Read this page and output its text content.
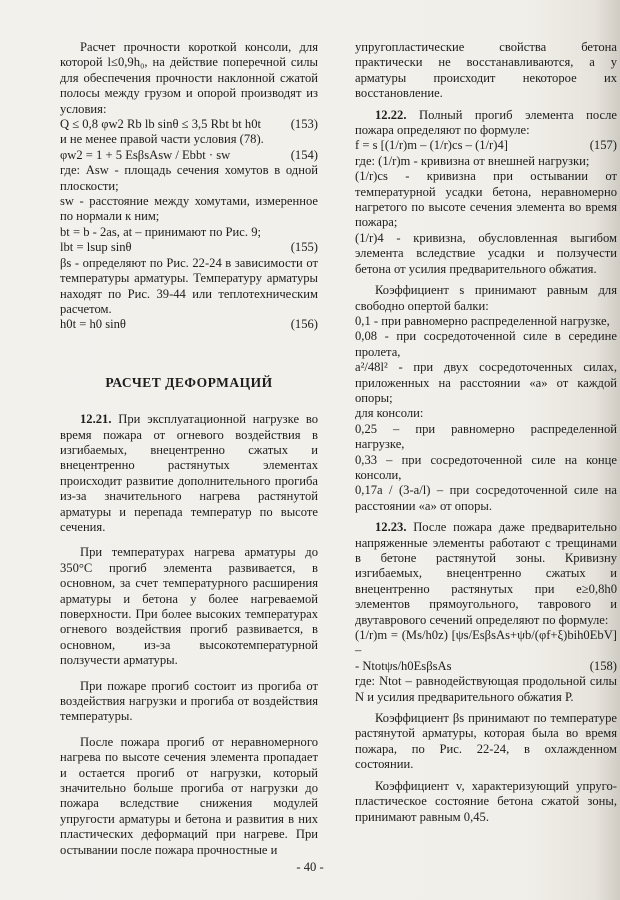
Расчет прочности короткой консоли, для которой l≤0,9h₀, на действие поперечной силы для обеспечения прочности наклонной сжатой полосы между грузом и опорой производят из условия:

Q ≤ 0,8 φw2 Rb lb sinθ ≤ 3,5 Rbt bt h0t (153)

и не менее правой части условия (78).

φw2 = 1 + 5 EsβsAsw / Ebbt · sw	(154)

где: Asw - площадь сечения хомутов в одной плоскости;

sw - расстояние между хомутами, измеренное по нормали к ним;

bt = b - 2as, at – принимают по Рис. 9;

lbt = lsup sinθ	(155)

βs - определяют по Рис. 22-24 в зависимости от температуры арматуры. Температуру арматуры находят по Рис. 39-44 или теплотехническим расчетом.

h0t = h0 sinθ	(156)

РАСЧЕТ ДЕФОРМАЦИЙ

12.21. При эксплуатационной нагрузке во время пожара от огневого воздействия в изгибаемых, внецентренно сжатых и внецентренно растянутых элементах происходит развитие дополнительного прогиба из-за значительного нагрева растянутой арматуры и перепада температур по высоте сечения.

При температурах нагрева арматуры до 350°С прогиб элемента развивается, в основном, за счет температурного расширения арматуры и бетона у более нагреваемой поверхности. При более высоких температурах огневого воздействия прогиб развивается, в основном, из-за высокотемпературной ползучести арматуры.

При пожаре прогиб состоит из прогиба от воздействия нагрузки и прогиба от воздействия температуры.

После пожара прогиб от неравномерного нагрева по высоте сечения элемента пропадает и остается прогиб от нагрузки, который значительно больше прогиба от нагрузки до пожара вследствие снижения модулей упругости арматуры и бетона и развития в них пластических деформаций при нагреве. При остывании после пожара прочностные и

упругопластические свойства бетона практически не восстанавливаются, а у арматуры происходит некоторое их восстановление.

12.22. Полный прогиб элемента после пожара определяют по формуле:

f = s [(1/r)m – (1/r)cs – (1/r)4]	(157)

где: (1/r)m - кривизна от внешней нагрузки;

(1/r)cs - кривизна при остывании от температурной усадки бетона, неравномерно нагретого по высоте сечения элемента во время пожара;

(1/r)4 - кривизна, обусловленная выгибом элемента вследствие усадки и ползучести бетона от усилия предварительного обжатия.

Коэффициент s принимают равным для свободно опертой балки:

0,1 - при равномерно распределенной нагрузке,

0,08 - при сосредоточенной силе в середине пролета,

a²/48l² - при двух сосредоточенных силах, приложенных на расстоянии «a» от каждой опоры;

для консоли:

0,25 – при равномерно распределенной нагрузке,

0,33 – при сосредоточенной силе на конце консоли,

0,17a / (3-a/l) – при сосредоточенной силе на расстоянии «a» от опоры.

12.23. После пожара даже предварительно напряженные элементы работают с трещинами в бетоне растянутой зоны. Кривизну изгибаемых, внецентренно сжатых и внецентренно растянутых при e≥0,8h0 элементов прямоугольного, таврового и двутаврового сечений определяют по формуле:

(1/r)m = (Ms/h0z) [ψs/EsβsAs+ψb/(φf+ξ)bih0EbV] –

- Ntotψs/h0EsβsAs	(158)

где: Ntot – равнодействующая продольной силы N и усилия предварительного обжатия Р.

Коэффициент βs принимают по температуре растянутой арматуры, которая была во время пожара, по Рис. 22-24, в охлажденном состоянии.

Коэффициент v, характеризующий упруго-пластическое состояние бетона сжатой зоны, принимают равным 0,45.

- 40 -
